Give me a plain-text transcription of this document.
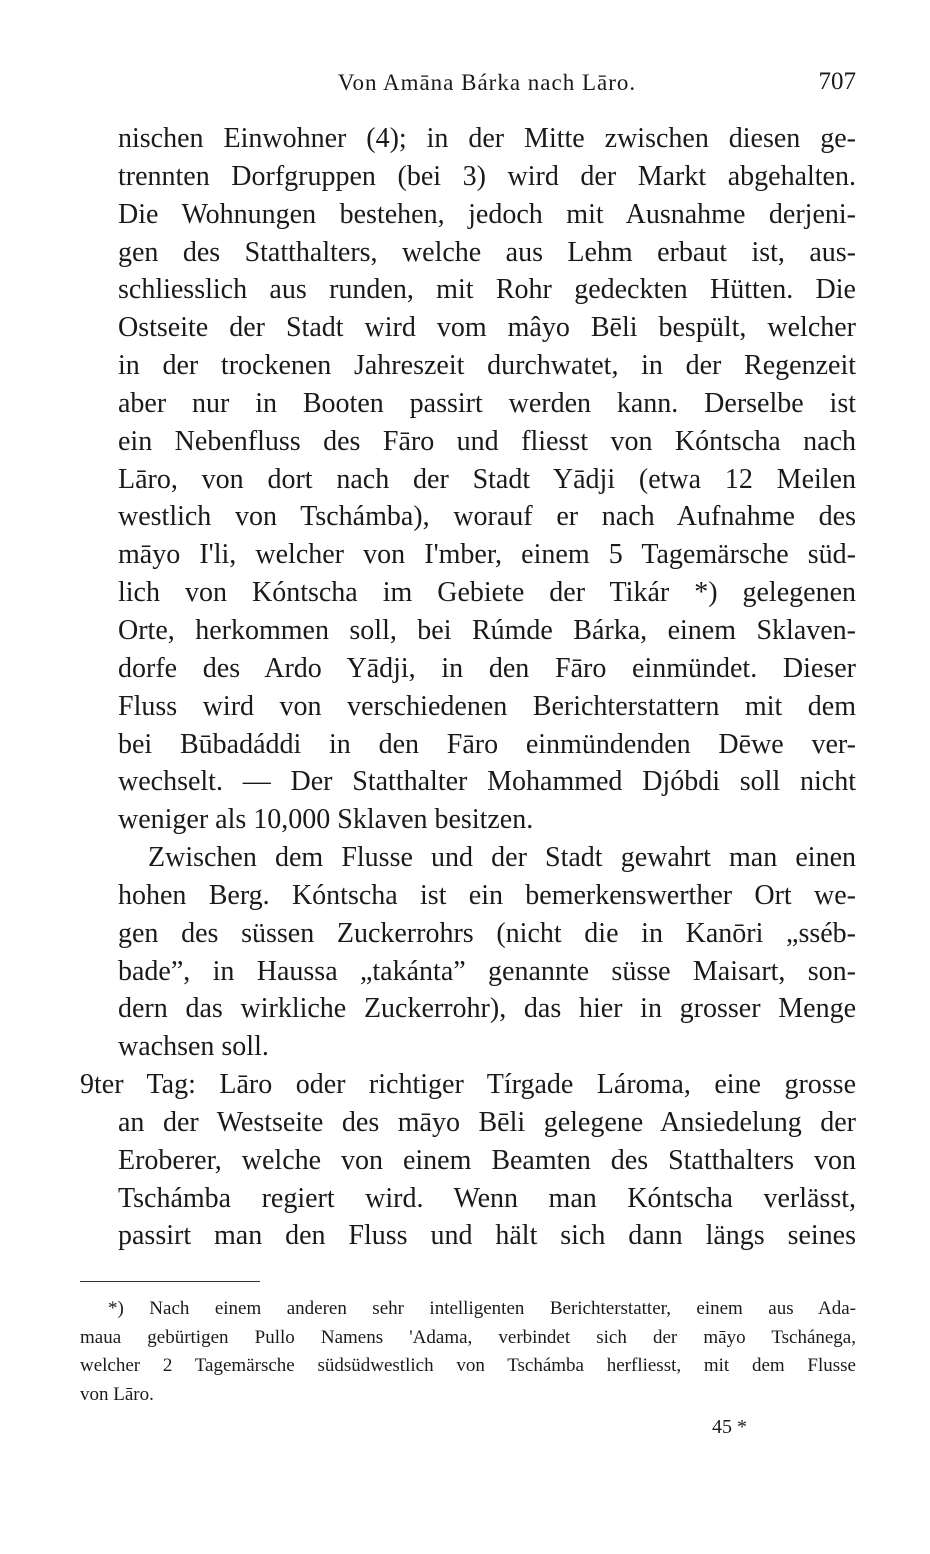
Von Amāna Bárka nach Lāro.	707
nischen Einwohner (4); in der Mitte zwischen diesen ge-
trennten Dorfgruppen (bei 3) wird der Markt abgehalten.
Die Wohnungen bestehen, jedoch mit Ausnahme derjeni-
gen des Statthalters, welche aus Lehm erbaut ist, aus-
schliesslich aus runden, mit Rohr gedeckten Hütten. Die
Ostseite der Stadt wird vom mâyo Bēli bespült, welcher
in der trockenen Jahreszeit durchwatet, in der Regenzeit
aber nur in Booten passirt werden kann. Derselbe ist
ein Nebenfluss des Fāro und fliesst von Kóntscha nach
Lāro, von dort nach der Stadt Yādji (etwa 12 Meilen
westlich von Tschámba), worauf er nach Aufnahme des
māyo I'li, welcher von I'mber, einem 5 Tagemärsche süd-
lich von Kóntscha im Gebiete der Tikár *) gelegenen
Orte, herkommen soll, bei Rúmde Bárka, einem Sklaven-
dorfe des Ardo Yādji, in den Fāro einmündet. Dieser
Fluss wird von verschiedenen Berichterstattern mit dem
bei Būbadáddi in den Fāro einmündenden Dēwe ver-
wechselt. — Der Statthalter Mohammed Djóbdi soll nicht
weniger als 10,000 Sklaven besitzen.
Zwischen dem Flusse und der Stadt gewahrt man einen
hohen Berg. Kóntscha ist ein bemerkenswerther Ort we-
gen des süssen Zuckerrohrs (nicht die in Kanōri „sséb-
bade”, in Haussa „takánta” genannte süsse Maisart, son-
dern das wirkliche Zuckerrohr), das hier in grosser Menge
wachsen soll.
9ter Tag: Lāro oder richtiger Tírgade Lároma, eine grosse
an der Westseite des māyo Bēli gelegene Ansiedelung der
Eroberer, welche von einem Beamten des Statthalters von
Tschámba regiert wird. Wenn man Kóntscha verlässt,
passirt man den Fluss und hält sich dann längs seines
*) Nach einem anderen sehr intelligenten Berichterstatter, einem aus Ada-
maua gebürtigen Pullo Namens 'Adama, verbindet sich der māyo Tschánega,
welcher 2 Tagemärsche südsüdwestlich von Tschámba herfliesst, mit dem Flusse
von Lāro.
45 *
